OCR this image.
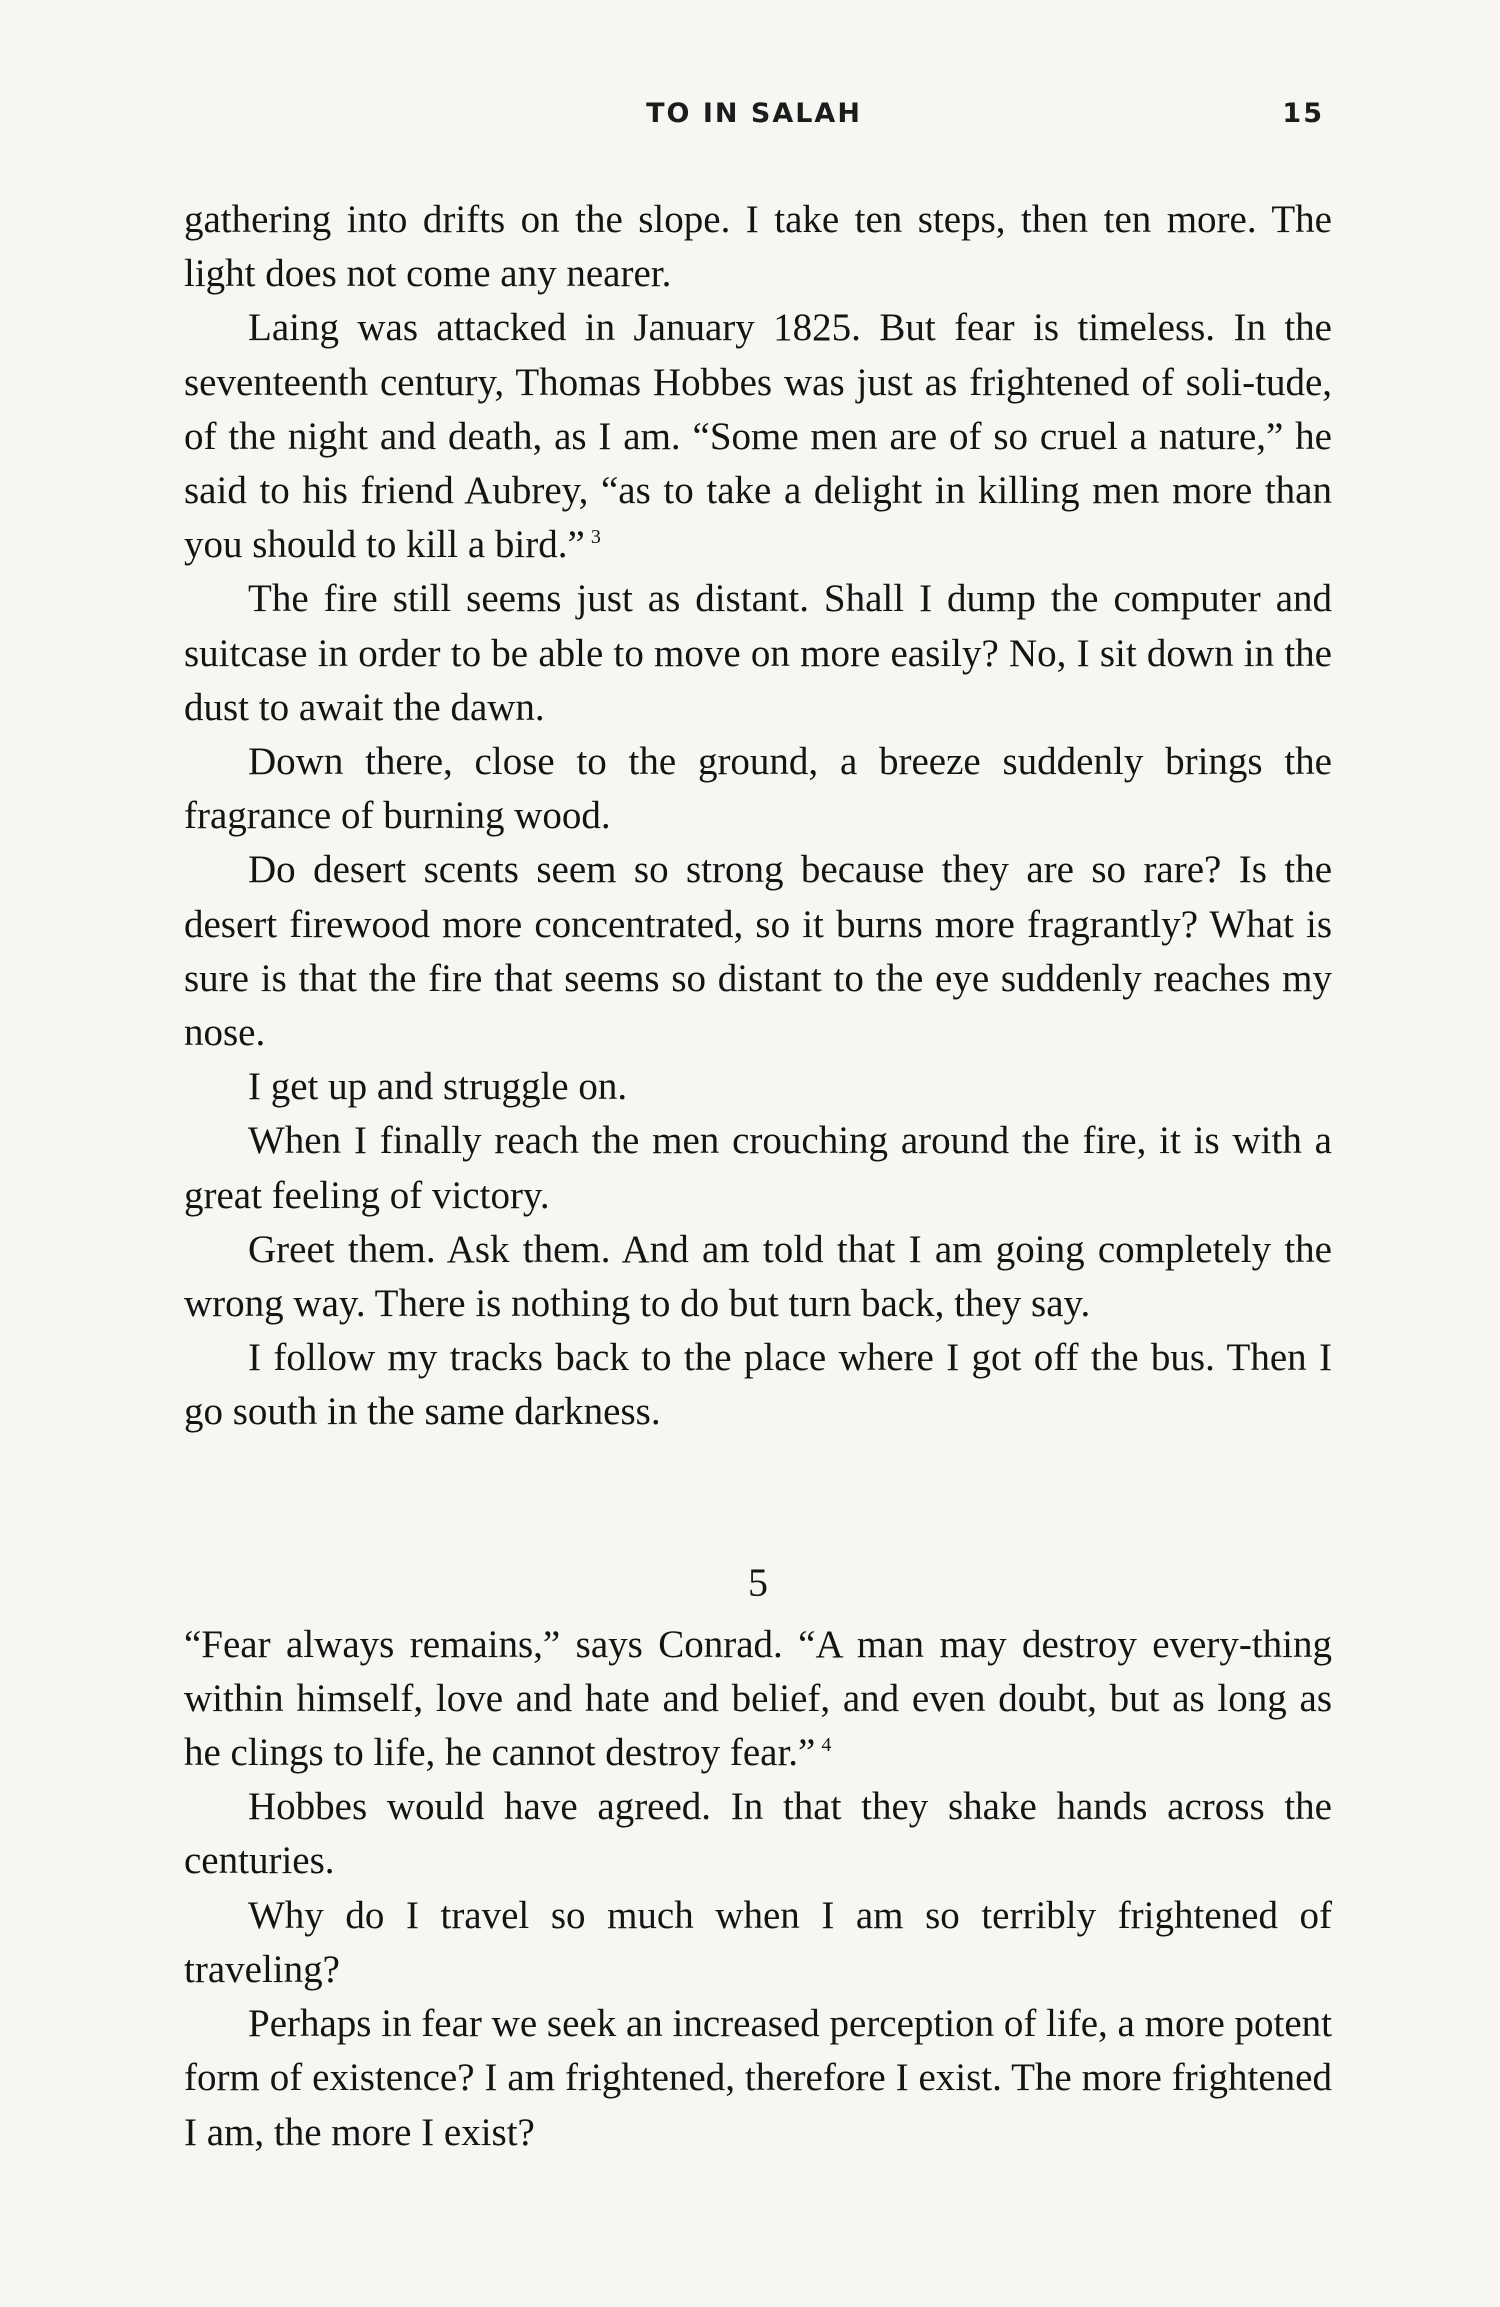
TO IN SALAH	15

gathering into drifts on the slope. I take ten steps, then ten more. The light does not come any nearer.

Laing was attacked in January 1825. But fear is timeless. In the seventeenth century, Thomas Hobbes was just as frightened of soli-tude, of the night and death, as I am. “Some men are of so cruel a nature,” he said to his friend Aubrey, “as to take a delight in killing men more than you should to kill a bird.” $^3$

The fire still seems just as distant. Shall I dump the computer and suitcase in order to be able to move on more easily? No, I sit down in the dust to await the dawn.

Down there, close to the ground, a breeze suddenly brings the fragrance of burning wood.

Do desert scents seem so strong because they are so rare? Is the desert firewood more concentrated, so it burns more fragrantly? What is sure is that the fire that seems so distant to the eye suddenly reaches my nose.

I get up and struggle on.

When I finally reach the men crouching around the fire, it is with a great feeling of victory.

Greet them. Ask them. And am told that I am going completely the wrong way. There is nothing to do but turn back, they say.

I follow my tracks back to the place where I got off the bus. Then I go south in the same darkness.

5

“Fear always remains,” says Conrad. “A man may destroy every-thing within himself, love and hate and belief, and even doubt, but as long as he clings to life, he cannot destroy fear.” $^4$

Hobbes would have agreed. In that they shake hands across the centuries.

Why do I travel so much when I am so terribly frightened of traveling?

Perhaps in fear we seek an increased perception of life, a more potent form of existence? I am frightened, therefore I exist. The more frightened I am, the more I exist?
